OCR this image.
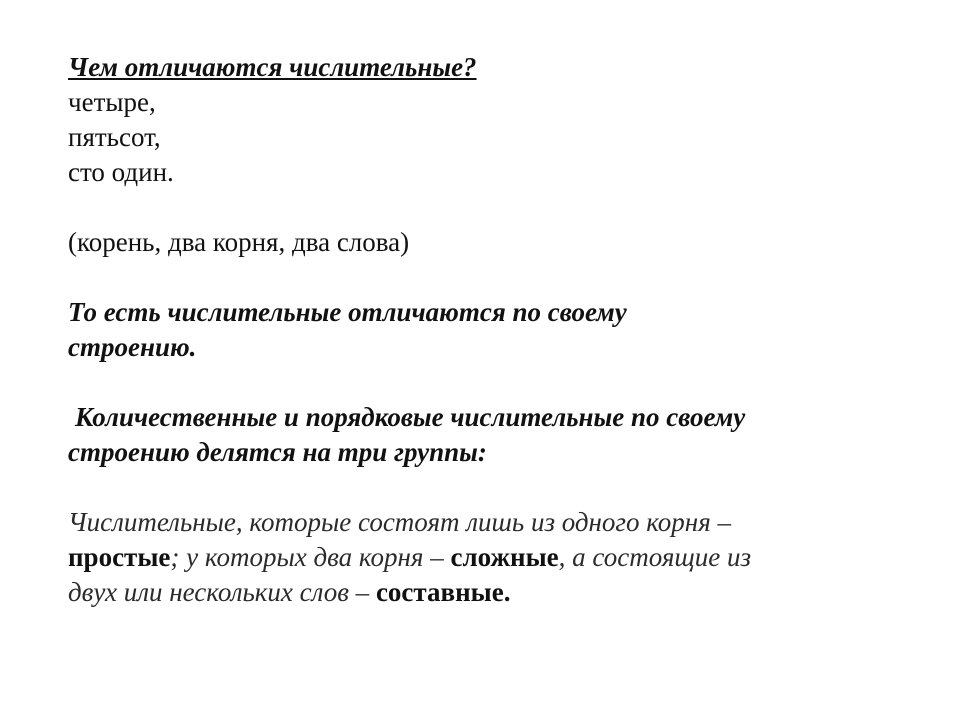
Чем отличаются числительные?
четыре,
пятьсот,
сто один.
(корень, два корня, два слова)
То есть числительные отличаются по своему
строению.
Количественные и порядковые числительные по своему
строению делятся на три группы:
Числительные, которые состоят лишь из одного корня –
простые; у которых два корня – сложные, а состоящие из
двух или нескольких слов – составные.
